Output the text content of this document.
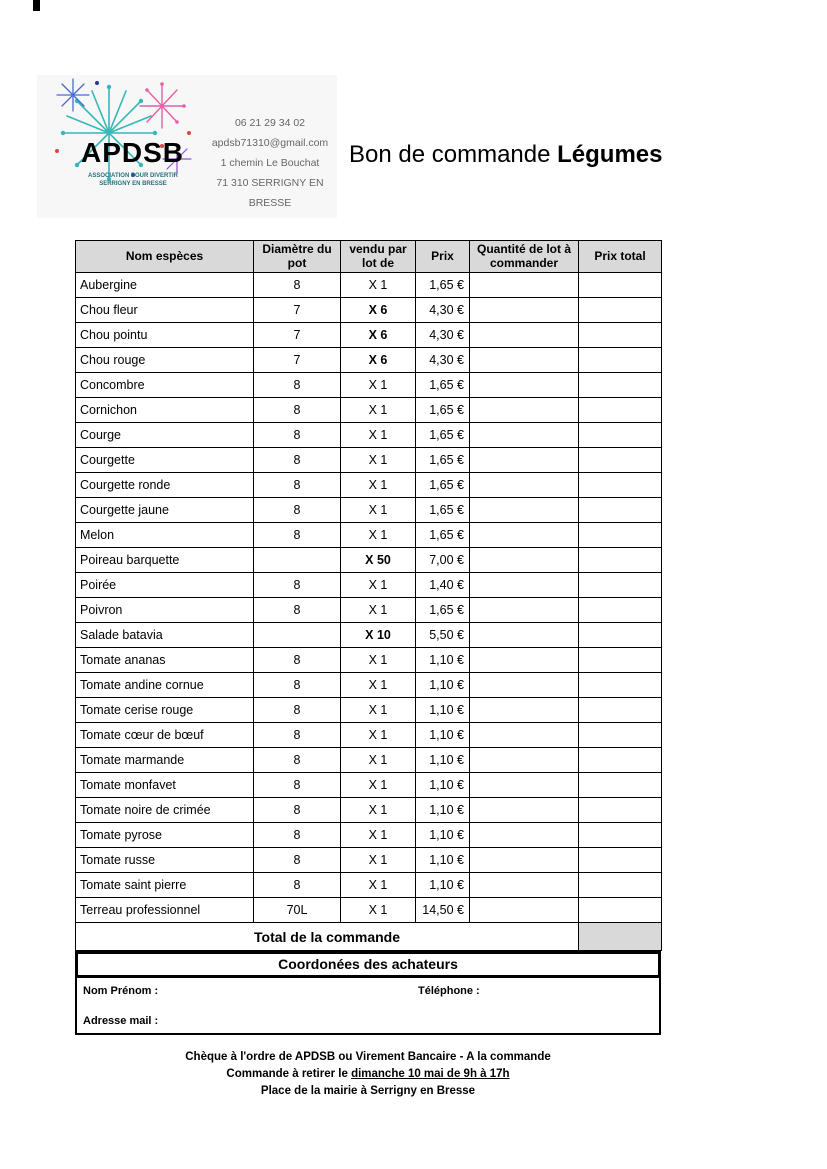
APDSB
ASSOCIATION POUR DIVERTIR SERRIGNY EN BRESSE
06 21 29 34 02
apdsb71310@gmail.com
1 chemin Le Bouchat
71 310 SERRIGNY EN BRESSE
Bon de commande Légumes
Nom espèces	Diamètre du pot	vendu par lot de	Prix	Quantité de lot à commander	Prix total
Aubergine	8	X 1	1,65 €		
Chou fleur	7	X 6	4,30 €		
Chou pointu	7	X 6	4,30 €		
Chou rouge	7	X 6	4,30 €		
Concombre	8	X 1	1,65 €		
Cornichon	8	X 1	1,65 €		
Courge	8	X 1	1,65 €		
Courgette	8	X 1	1,65 €		
Courgette ronde	8	X 1	1,65 €		
Courgette jaune	8	X 1	1,65 €		
Melon	8	X 1	1,65 €		
Poireau barquette		X 50	7,00 €		
Poirée	8	X 1	1,40 €		
Poivron	8	X 1	1,65 €		
Salade batavia		X 10	5,50 €		
Tomate ananas	8	X 1	1,10 €		
Tomate andine cornue	8	X 1	1,10 €		
Tomate cerise rouge	8	X 1	1,10 €		
Tomate cœur de bœuf	8	X 1	1,10 €		
Tomate marmande	8	X 1	1,10 €		
Tomate monfavet	8	X 1	1,10 €		
Tomate noire de crimée	8	X 1	1,10 €		
Tomate pyrose	8	X 1	1,10 €		
Tomate russe	8	X 1	1,10 €		
Tomate saint pierre	8	X 1	1,10 €		
Terreau professionnel	70L	X 1	14,50 €		
Total de la commande					
Coordonées des achateurs
Nom Prénom :	Téléphone :
Adresse mail :
Chèque à l'ordre de APDSB ou Virement Bancaire - A la commande
Commande à retirer le dimanche 10 mai de 9h à 17h
Place de la mairie à Serrigny en Bresse
